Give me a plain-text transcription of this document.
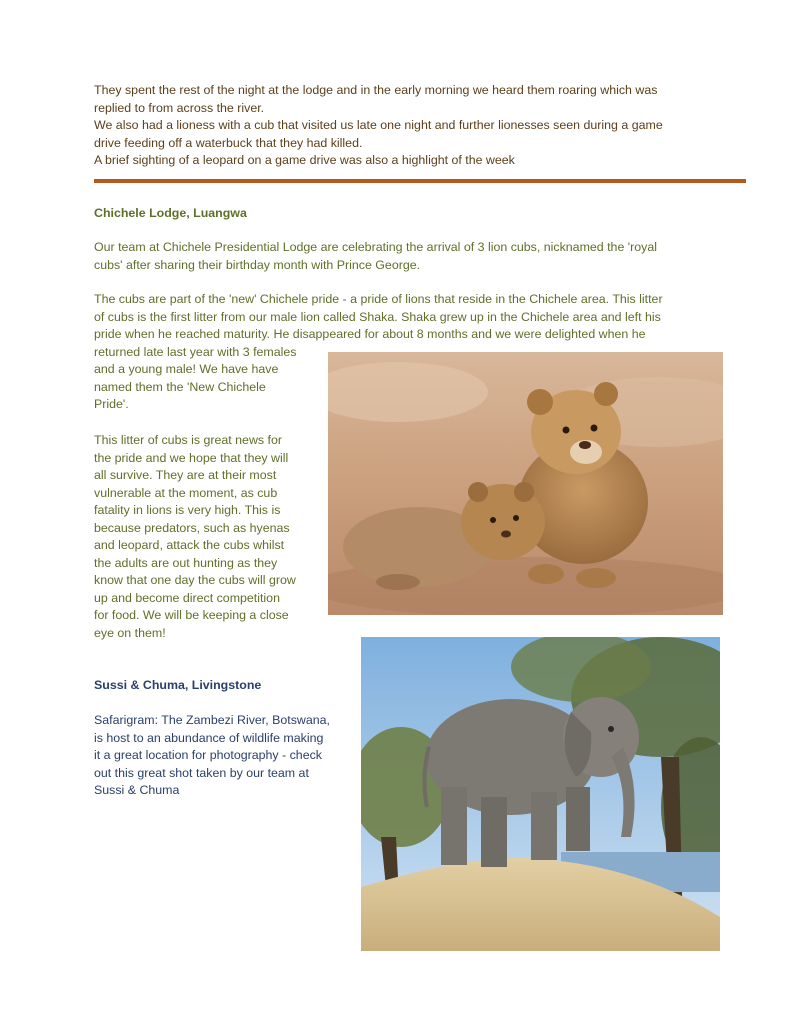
They spent the rest of the night at the lodge and in the early morning we heard them roaring which was
replied to from across the river.
We also had a lioness with a cub that visited us late one night and further lionesses seen during a game
drive feeding off a waterbuck that they had killed.
A brief sighting of a leopard on a game drive was also a highlight of the week
Chichele Lodge, Luangwa
Our team at Chichele Presidential Lodge are celebrating the arrival of 3 lion cubs, nicknamed the 'royal
cubs' after sharing their birthday month with Prince George.
The cubs are part of the 'new' Chichele pride - a pride of lions that reside in the Chichele area. This litter
of cubs is the first litter from our male lion called Shaka. Shaka grew up in the Chichele area and left his
pride when he reached maturity. He disappeared for about 8 months and we were delighted when he
returned late last year with 3 females
and a young male! We have have
named them the 'New Chichele
Pride'.
This litter of cubs is great news for
the pride and we hope that they will
all survive. They are at their most
vulnerable at the moment, as cub
fatality in lions is very high. This is
because predators, such as hyenas
and leopard, attack the cubs whilst
the adults are out hunting as they
know that one day the cubs will grow
up and become direct competition
for food. We will be keeping a close
eye on them!
Sussi & Chuma, Livingstone
Safarigram: The Zambezi River, Botswana,
is host to an abundance of wildlife making
it a great location for photography - check
out this great shot taken by our team at
Sussi & Chuma
